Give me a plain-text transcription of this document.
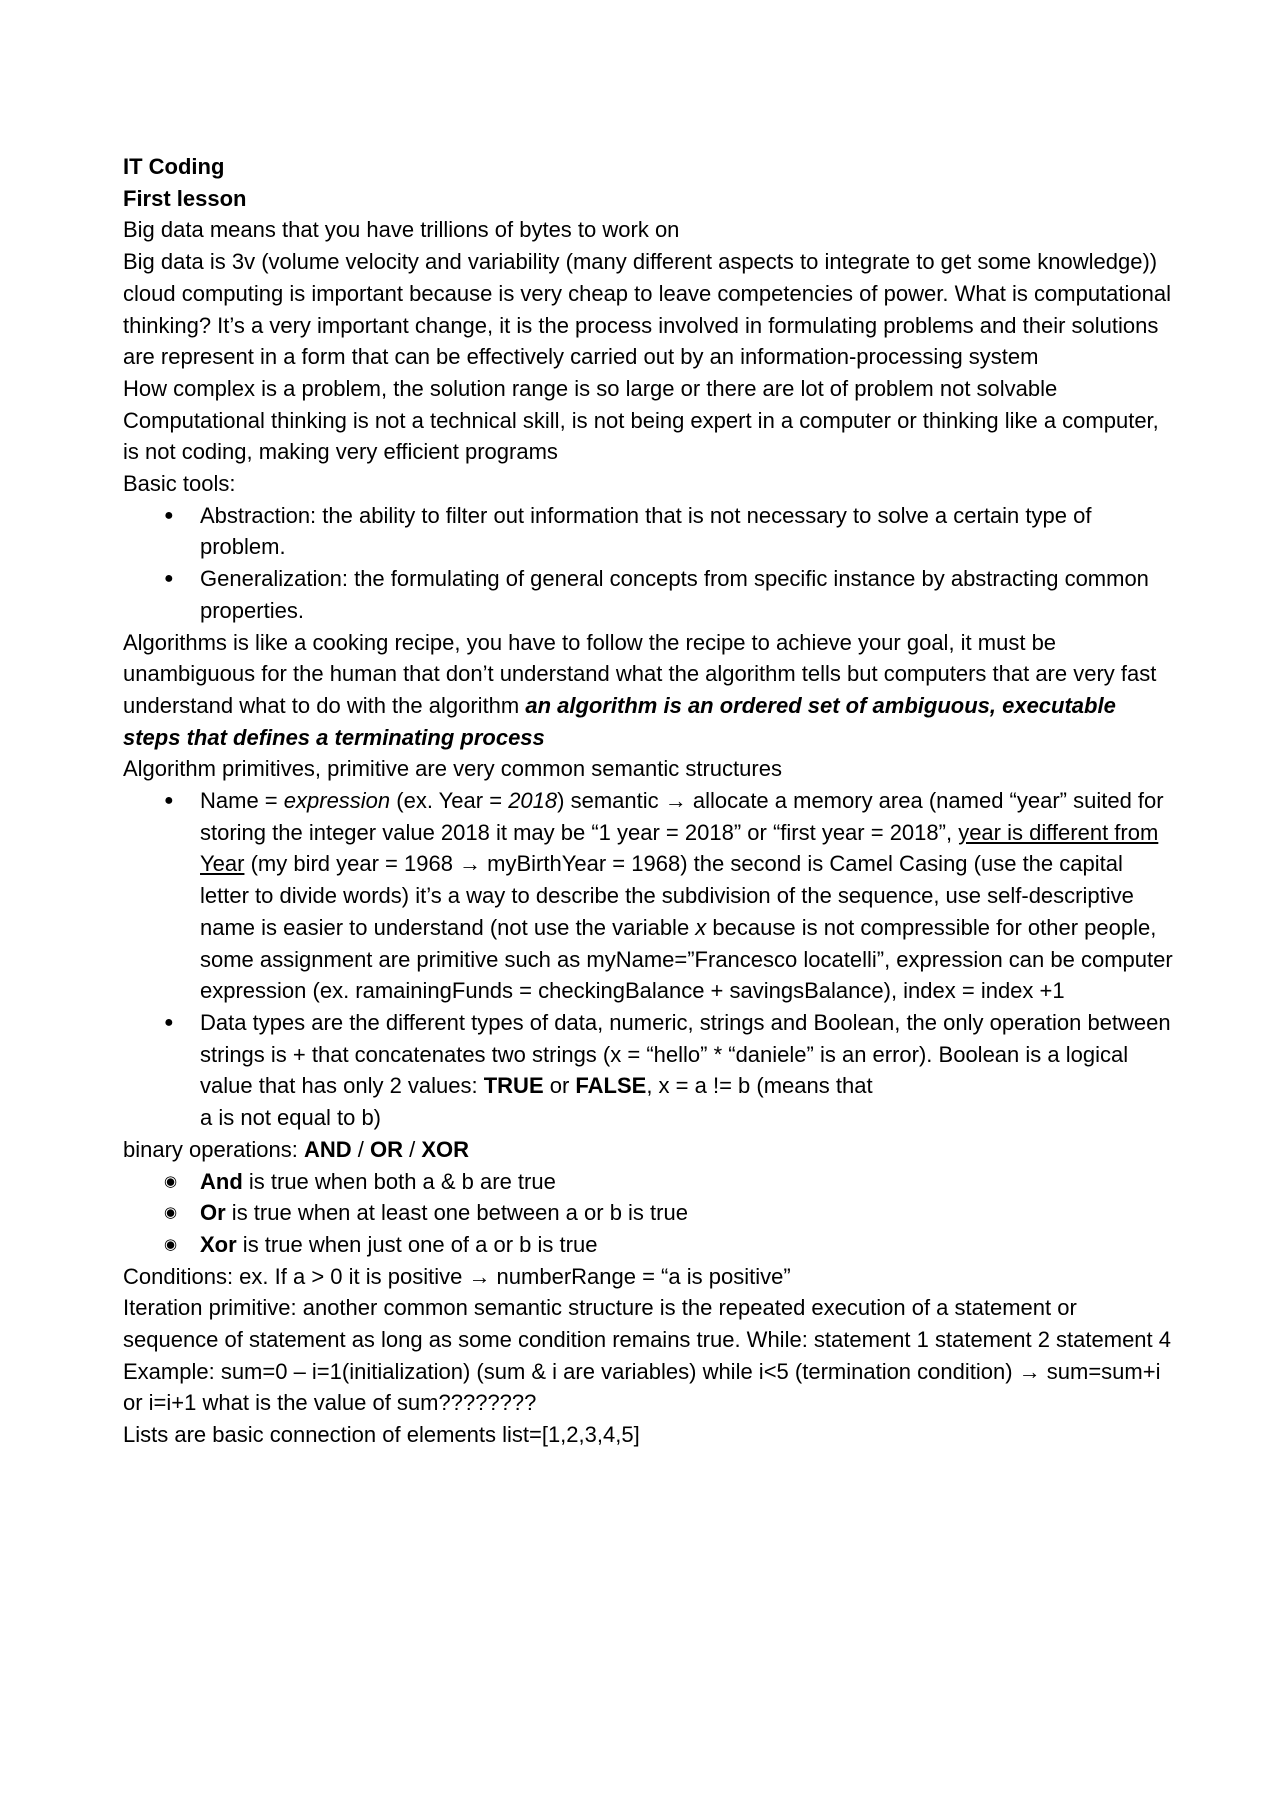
IT Coding

First lesson

Big data means that you have trillions of bytes to work on

Big data is 3v (volume velocity and variability (many different aspects to integrate to get some knowledge)) cloud computing is important because is very cheap to leave competencies of power. What is computational thinking? It’s a very important change, it is the process involved in formulating problems and their solutions are represent in a form that can be effectively carried out by an information-processing system

How complex is a problem, the solution range is so large or there are lot of problem not solvable

Computational thinking is not a technical skill, is not being expert in a computer or thinking like a computer, is not coding, making very efficient programs

Basic tools:

●
Abstraction: the ability to filter out information that is not necessary to solve a certain type of problem.
●
Generalization: the formulating of general concepts from specific instance by abstracting common properties.

Algorithms is like a cooking recipe, you have to follow the recipe to achieve your goal, it must be unambiguous for the human that don’t understand what the algorithm tells but computers that are very fast understand what to do with the algorithm an algorithm is an ordered set of ambiguous, executable steps that defines a terminating process

Algorithm primitives, primitive are very common semantic structures

●
Name = expression (ex. Year = 2018) semantic → allocate a memory area (named “year” suited for storing the integer value 2018 it may be “1 year = 2018” or “first year = 2018”, year is different from Year (my bird year = 1968 → myBirthYear = 1968) the second is Camel Casing (use the capital letter to divide words) it’s a way to describe the subdivision of the sequence, use self-descriptive name is easier to understand (not use the variable x because is not compressible for other people, some assignment are primitive such as myName=”Francesco locatelli”, expression can be computer expression (ex. ramainingFunds = checkingBalance + savingsBalance), index = index +1
●
Data types are the different types of data, numeric, strings and Boolean, the only operation between strings is + that concatenates two strings (x = “hello” * “daniele” is an error). Boolean is a logical value that has only 2 values: TRUE or FALSE, x = a != b (means that
a is not equal to b)

binary operations: AND / OR / XOR

◉
And is true when both a & b are true
◉
Or is true when at least one between a or b is true
◉
Xor is true when just one of a or b is true

Conditions: ex. If a > 0 it is positive → numberRange = “a is positive”

Iteration primitive: another common semantic structure is the repeated execution of a statement or sequence of statement as long as some condition remains true. While: statement 1 statement 2 statement 4

Example: sum=0 – i=1(initialization) (sum & i are variables) while i<5 (termination condition) → sum=sum+i or i=i+1 what is the value of sum????????

Lists are basic connection of elements list=[1,2,3,4,5]
